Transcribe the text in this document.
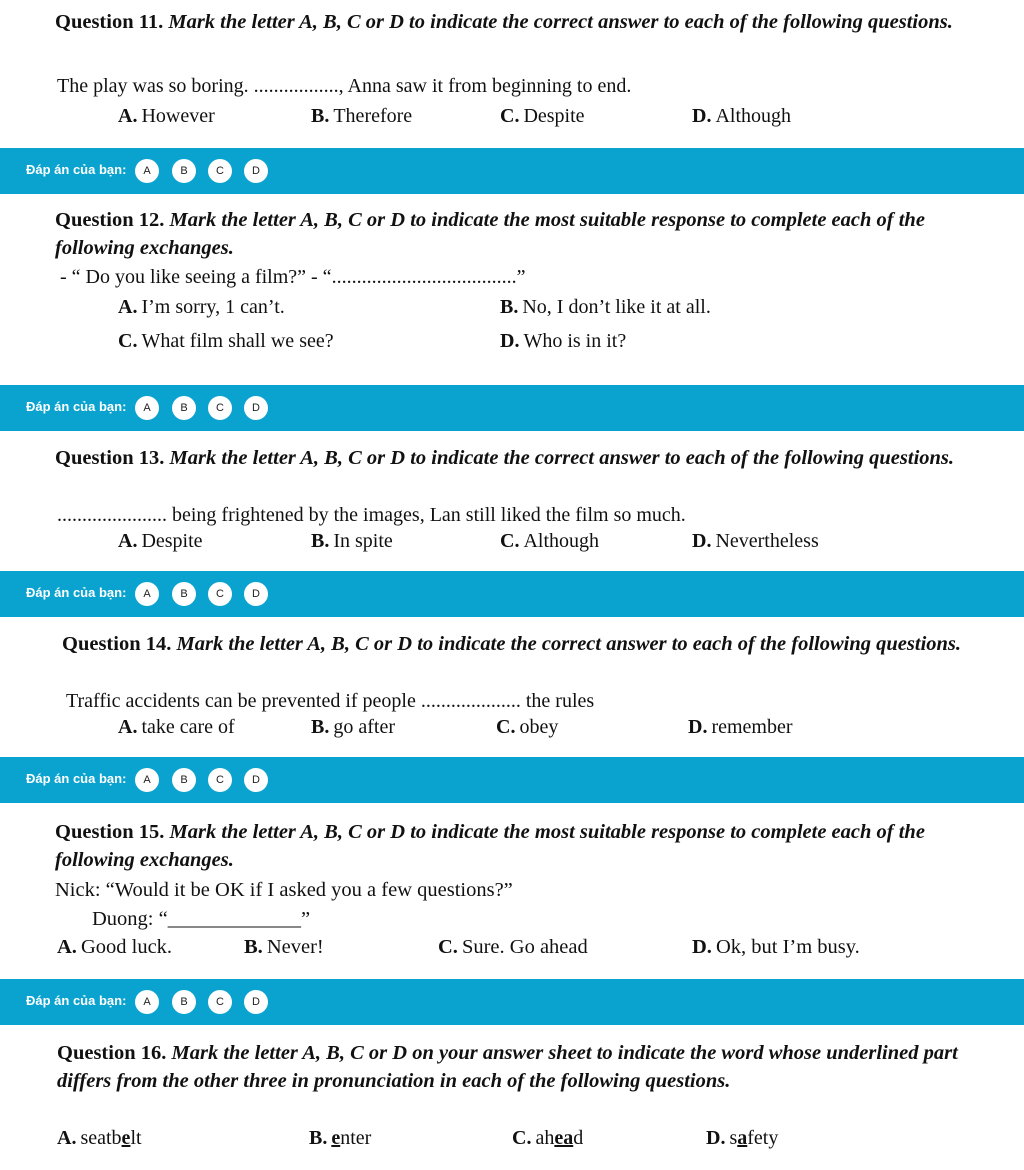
Question 11. Mark the letter A, B, C or D to indicate the correct answer to each of the following questions.
The play was so boring. ................., Anna saw it from beginning to end.
A. However	B. Therefore	C. Despite	D. Although
Đáp án của bạn:	A	B	C	D
Question 12. Mark the letter A, B, C or D to indicate the most suitable response to complete each of the following exchanges.
- “ Do you like seeing a film?” - “.....................................”
A. I’m sorry, 1 can’t.	B. No, I don’t like it at all.
C. What film shall we see?	D. Who is in it?
Đáp án của bạn:	A	B	C	D
Question 13. Mark the letter A, B, C or D to indicate the correct answer to each of the following questions.
...................... being frightened by the images, Lan still liked the film so much.
A. Despite	B. In spite	C. Although	D. Nevertheless
Đáp án của bạn:	A	B	C	D
Question 14. Mark the letter A, B, C or D to indicate the correct answer to each of the following questions.
Traffic accidents can be prevented if people .................... the rules
A. take care of	B. go after	C. obey	D. remember
Đáp án của bạn:	A	B	C	D
Question 15. Mark the letter A, B, C or D to indicate the most suitable response to complete each of the following exchanges.
Nick: “Would it be OK if I asked you a few questions?”
Duong: “_____________”
A. Good luck.	B. Never!	C. Sure. Go ahead	D. Ok, but I’m busy.
Đáp án của bạn:	A	B	C	D
Question 16. Mark the letter A, B, C or D on your answer sheet to indicate the word whose underlined part differs from the other three in pronunciation in each of the following questions.
A. seatbelt	B. enter	C. ahead	D. safety
